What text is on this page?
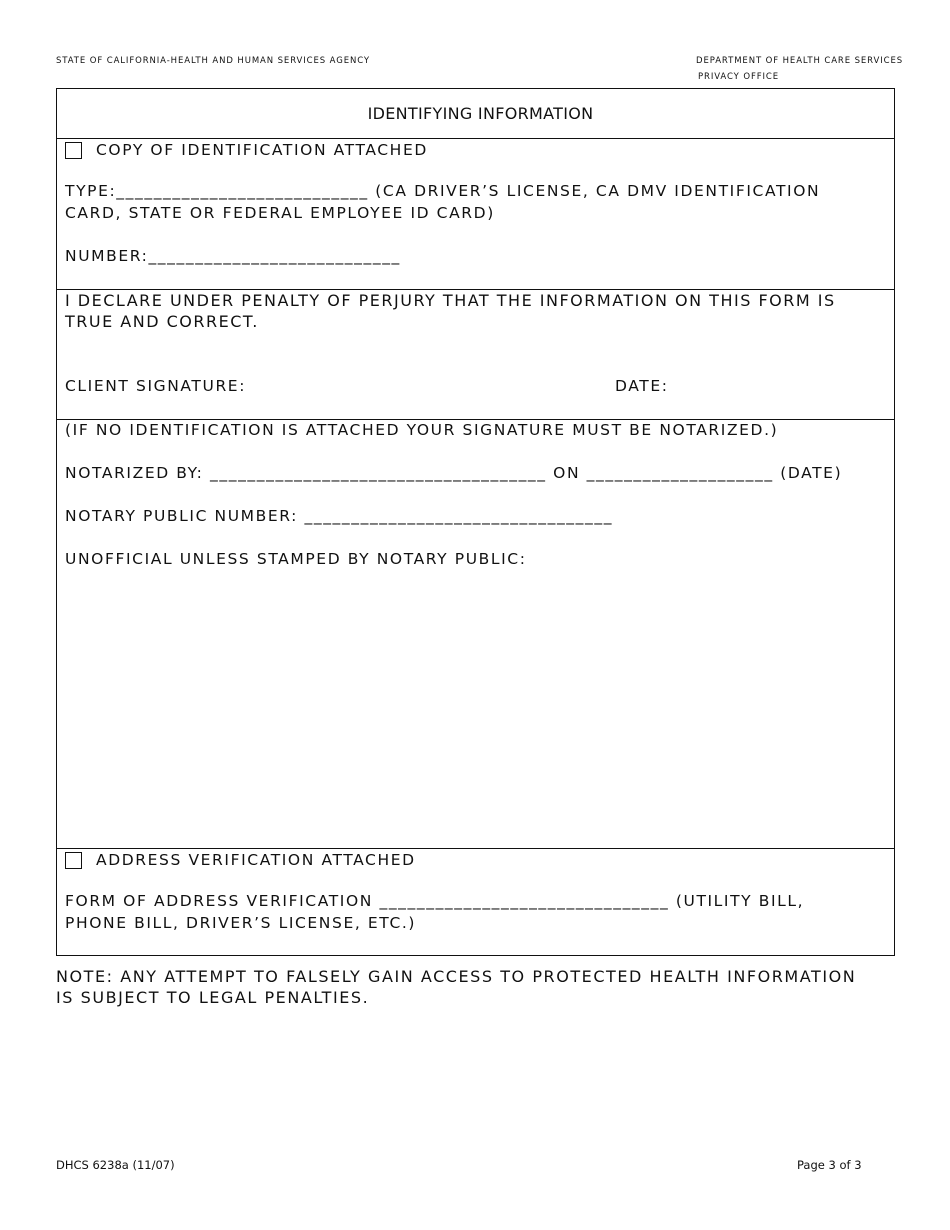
STATE OF CALIFORNIA-HEALTH AND HUMAN SERVICES AGENCY	DEPARTMENT OF HEALTH CARE SERVICES
PRIVACY OFFICE
IDENTIFYING INFORMATION
COPY OF IDENTIFICATION ATTACHED
TYPE:___________________________ (CA DRIVER’S LICENSE, CA DMV IDENTIFICATION
CARD, STATE OR FEDERAL EMPLOYEE ID CARD)
NUMBER:___________________________
I DECLARE UNDER PENALTY OF PERJURY THAT THE INFORMATION ON THIS FORM IS
TRUE AND CORRECT.
CLIENT SIGNATURE:	DATE:
(IF NO IDENTIFICATION IS ATTACHED YOUR SIGNATURE MUST BE NOTARIZED.)
NOTARIZED BY: ____________________________________ ON ____________________ (DATE)
NOTARY PUBLIC NUMBER: _________________________________
UNOFFICIAL UNLESS STAMPED BY NOTARY PUBLIC:
ADDRESS VERIFICATION ATTACHED
FORM OF ADDRESS VERIFICATION _______________________________ (UTILITY BILL,
PHONE BILL, DRIVER’S LICENSE, ETC.)
NOTE: ANY ATTEMPT TO FALSELY GAIN ACCESS TO PROTECTED HEALTH INFORMATION
IS SUBJECT TO LEGAL PENALTIES.
DHCS 6238a (11/07)	Page 3 of 3
